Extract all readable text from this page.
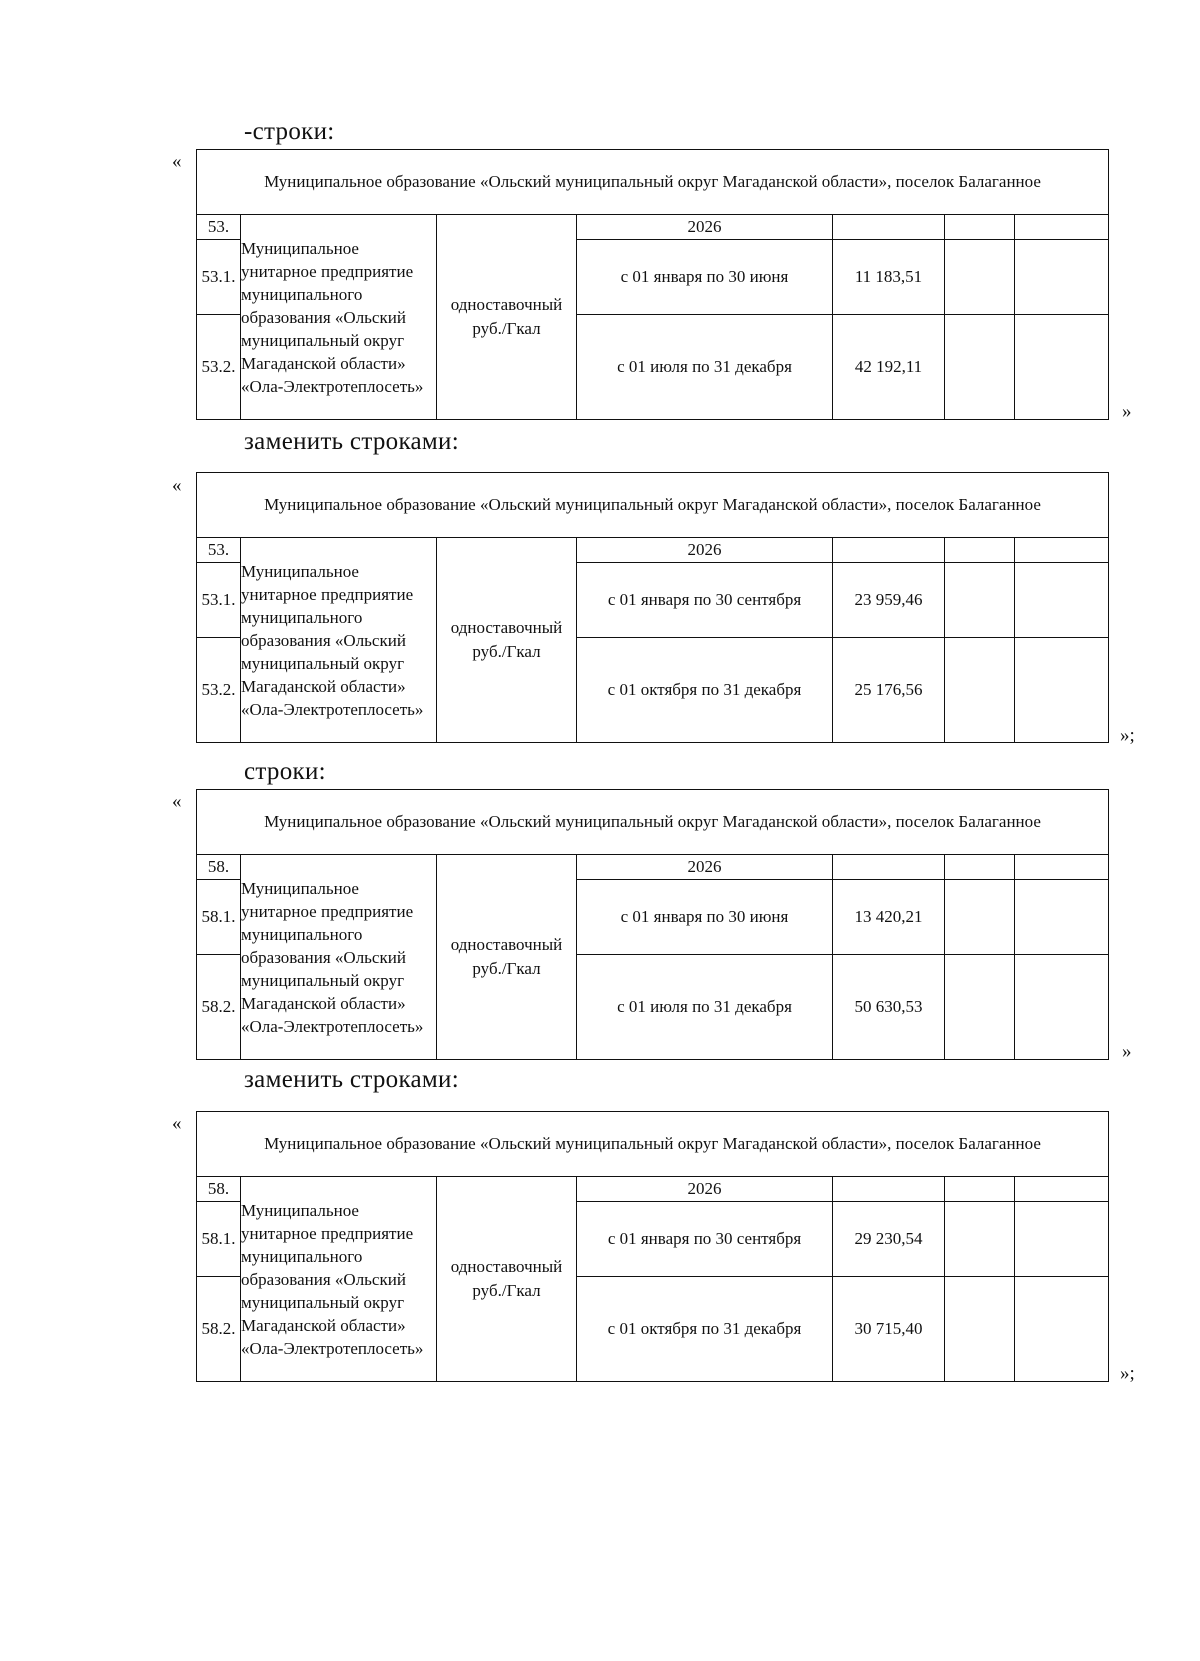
-строки:
«
Муниципальное образование «Ольский муниципальный округ Магаданской области», поселок Балаганное						
53.	Муниципальное унитарное предприятие муниципального образования «Ольский муниципальный округ Магаданской области» «Ола-Электротеплосеть»	одноставочный руб./Гкал	2026			
53.1.			с 01 января по 30 июня	11 183,51		
53.2.			с 01 июля по 31 декабря	42 192,11		
»
заменить строками:
«
Муниципальное образование «Ольский муниципальный округ Магаданской области», поселок Балаганное						
53.	Муниципальное унитарное предприятие муниципального образования «Ольский муниципальный округ Магаданской области» «Ола-Электротеплосеть»	одноставочный руб./Гкал	2026			
53.1.			с 01 января по 30 сентября	23 959,46		
53.2.			с 01 октября по 31 декабря	25 176,56		
»;
строки:
«
Муниципальное образование «Ольский муниципальный округ Магаданской области», поселок Балаганное						
58.	Муниципальное унитарное предприятие муниципального образования «Ольский муниципальный округ Магаданской области» «Ола-Электротеплосеть»	одноставочный руб./Гкал	2026			
58.1.			с 01 января по 30 июня	13 420,21		
58.2.			с 01 июля по 31 декабря	50 630,53		
»
заменить строками:
«
Муниципальное образование «Ольский муниципальный округ Магаданской области», поселок Балаганное						
58.	Муниципальное унитарное предприятие муниципального образования «Ольский муниципальный округ Магаданской области» «Ола-Электротеплосеть»	одноставочный руб./Гкал	2026			
58.1.			с 01 января по 30 сентября	29 230,54		
58.2.			с 01 октября по 31 декабря	30 715,40		
»;
